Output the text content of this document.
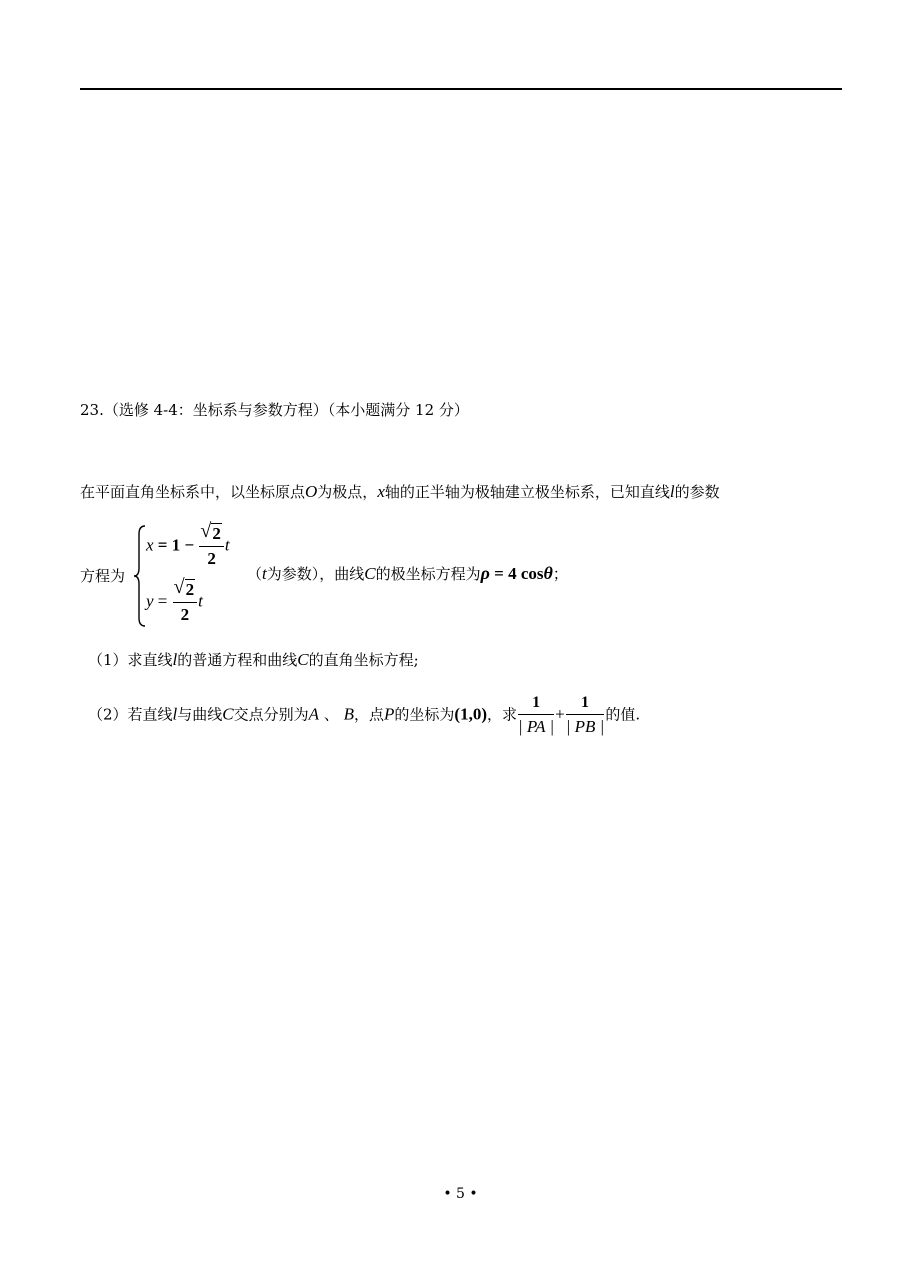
23.（选修 4-4：坐标系与参数方程）（本小题满分 12 分）
在平面直角坐标系中，以坐标原点O为极点，x轴的正半轴为极轴建立极坐标系，已知直线l的参数
方程为
$x = 1 - \frac{√ 2}{2}$ t
$y = \frac{√ 2}{2}$ t
（t为参数），曲线C的极坐标方程为ρ = 4 cosθ；
（1）求直线l的普通方程和曲线C的直角坐标方程;
（2）若直线l与曲线C交点分别为A 、 B，点P的坐标为(1,0)，求 $\frac{1}{| PA |} + \frac{1}{| PB |}$ 的值.
• 5 •
